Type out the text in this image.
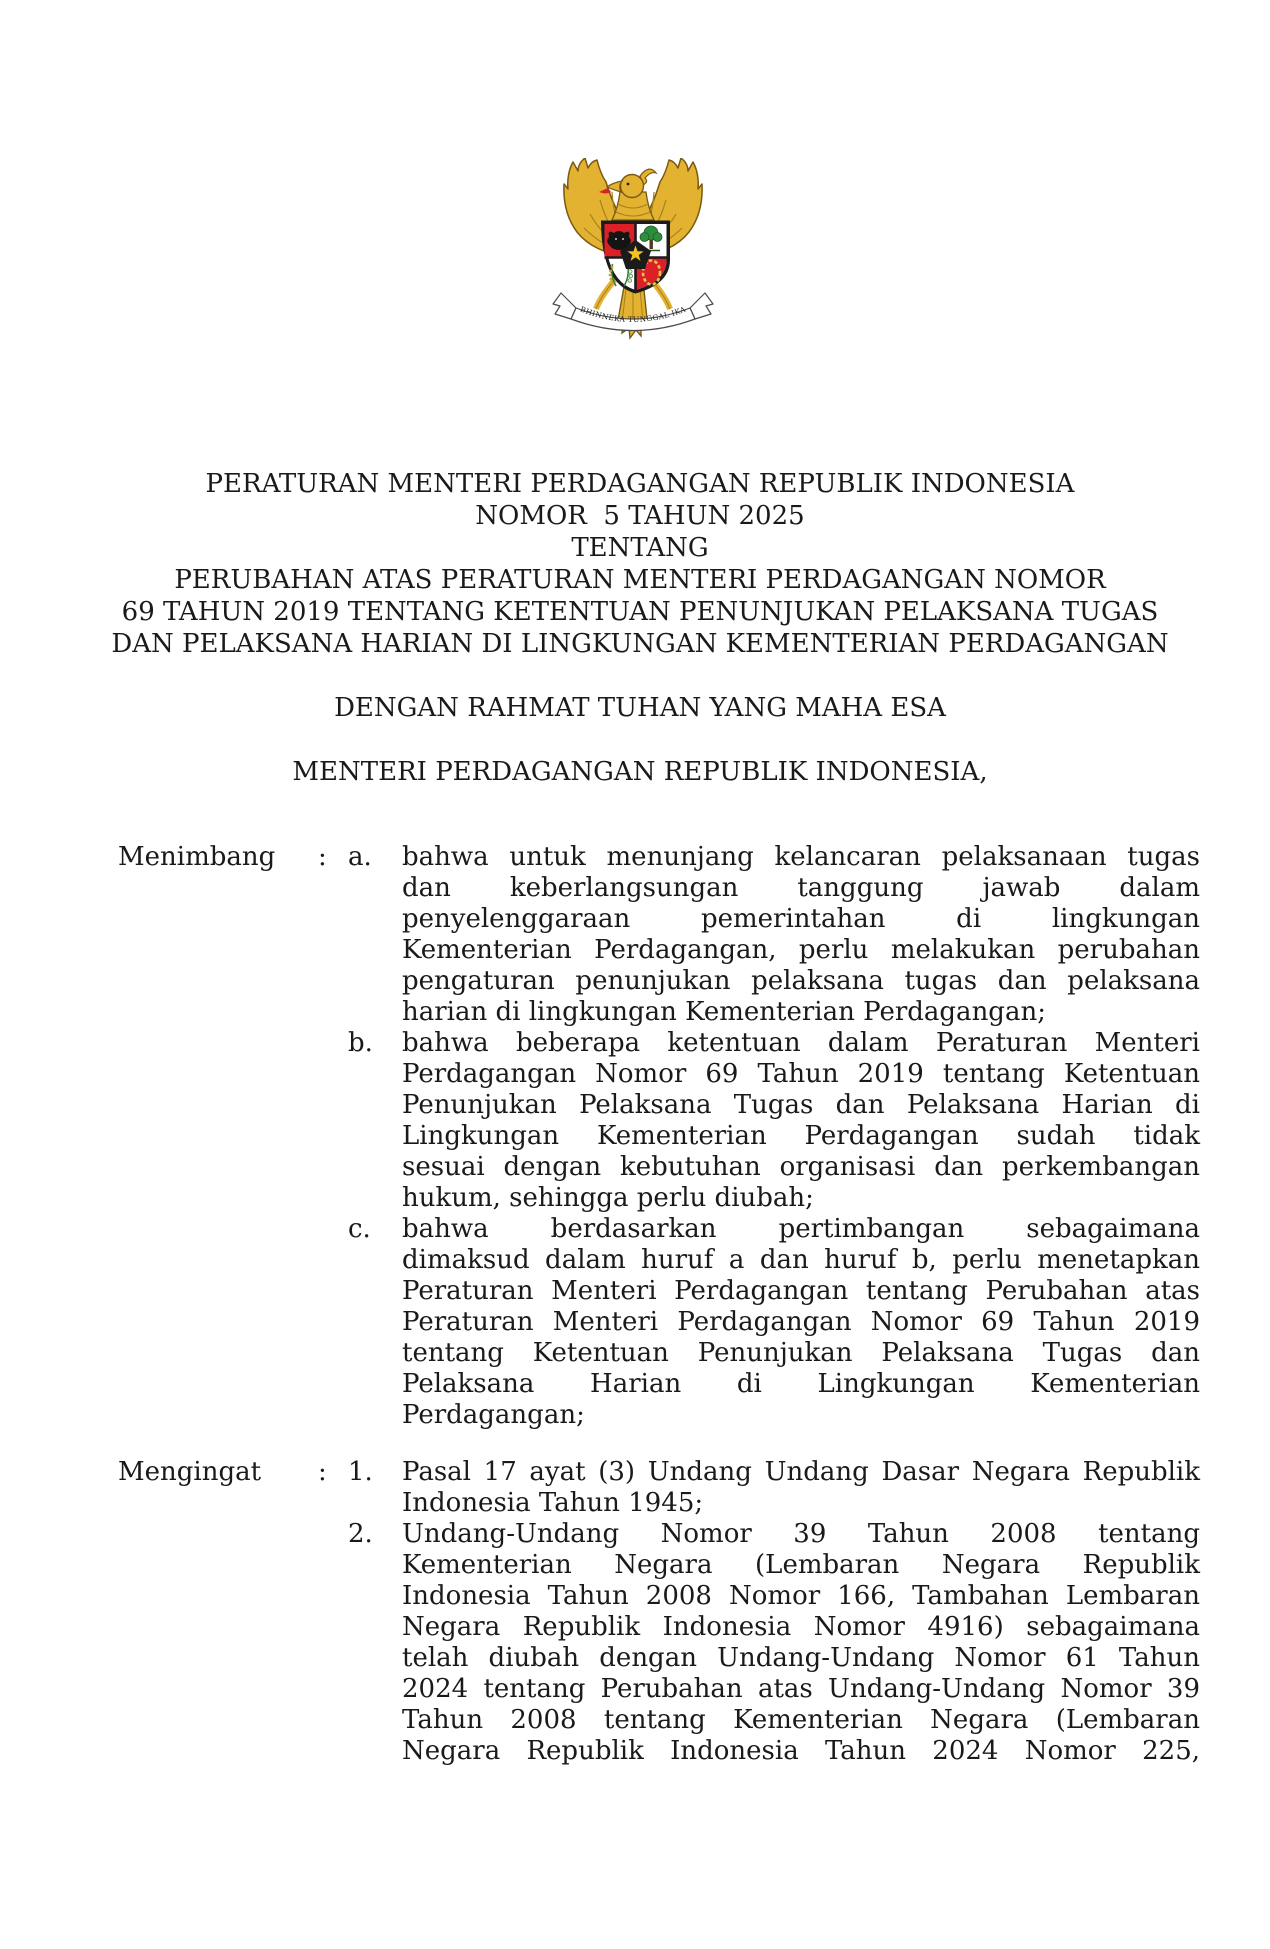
BHINNEKA TUNGGAL IKA
PERATURAN MENTERI PERDAGANGAN REPUBLIK INDONESIA
NOMOR  5 TAHUN 2025
TENTANG
PERUBAHAN ATAS PERATURAN MENTERI PERDAGANGAN NOMOR
69 TAHUN 2019 TENTANG KETENTUAN PENUNJUKAN PELAKSANA TUGAS
DAN PELAKSANA HARIAN DI LINGKUNGAN KEMENTERIAN PERDAGANGAN
DENGAN RAHMAT TUHAN YANG MAHA ESA
MENTERI PERDAGANGAN REPUBLIK INDONESIA,
Menimbang	: a.	bahwa untuk menunjang kelancaran pelaksanaan tugas
dan keberlangsungan tanggung jawab dalam
penyelenggaraan pemerintahan di lingkungan
Kementerian Perdagangan, perlu melakukan perubahan
pengaturan penunjukan pelaksana tugas dan pelaksana
harian di lingkungan Kementerian Perdagangan;
b.	bahwa beberapa ketentuan dalam Peraturan Menteri
Perdagangan Nomor 69 Tahun 2019 tentang Ketentuan
Penunjukan Pelaksana Tugas dan Pelaksana Harian di
Lingkungan Kementerian Perdagangan sudah tidak
sesuai dengan kebutuhan organisasi dan perkembangan
hukum, sehingga perlu diubah;
c.	bahwa berdasarkan pertimbangan sebagaimana
dimaksud dalam huruf a dan huruf b, perlu menetapkan
Peraturan Menteri Perdagangan tentang Perubahan atas
Peraturan Menteri Perdagangan Nomor 69 Tahun 2019
tentang Ketentuan Penunjukan Pelaksana Tugas dan
Pelaksana Harian di Lingkungan Kementerian
Perdagangan;
Mengingat	: 1.	Pasal 17 ayat (3) Undang Undang Dasar Negara Republik
Indonesia Tahun 1945;
2.	Undang-Undang Nomor 39 Tahun 2008 tentang
Kementerian Negara (Lembaran Negara Republik
Indonesia Tahun 2008 Nomor 166, Tambahan Lembaran
Negara Republik Indonesia Nomor 4916) sebagaimana
telah diubah dengan Undang-Undang Nomor 61 Tahun
2024 tentang Perubahan atas Undang-Undang Nomor 39
Tahun 2008 tentang Kementerian Negara (Lembaran
Negara Republik Indonesia Tahun 2024 Nomor 225,
